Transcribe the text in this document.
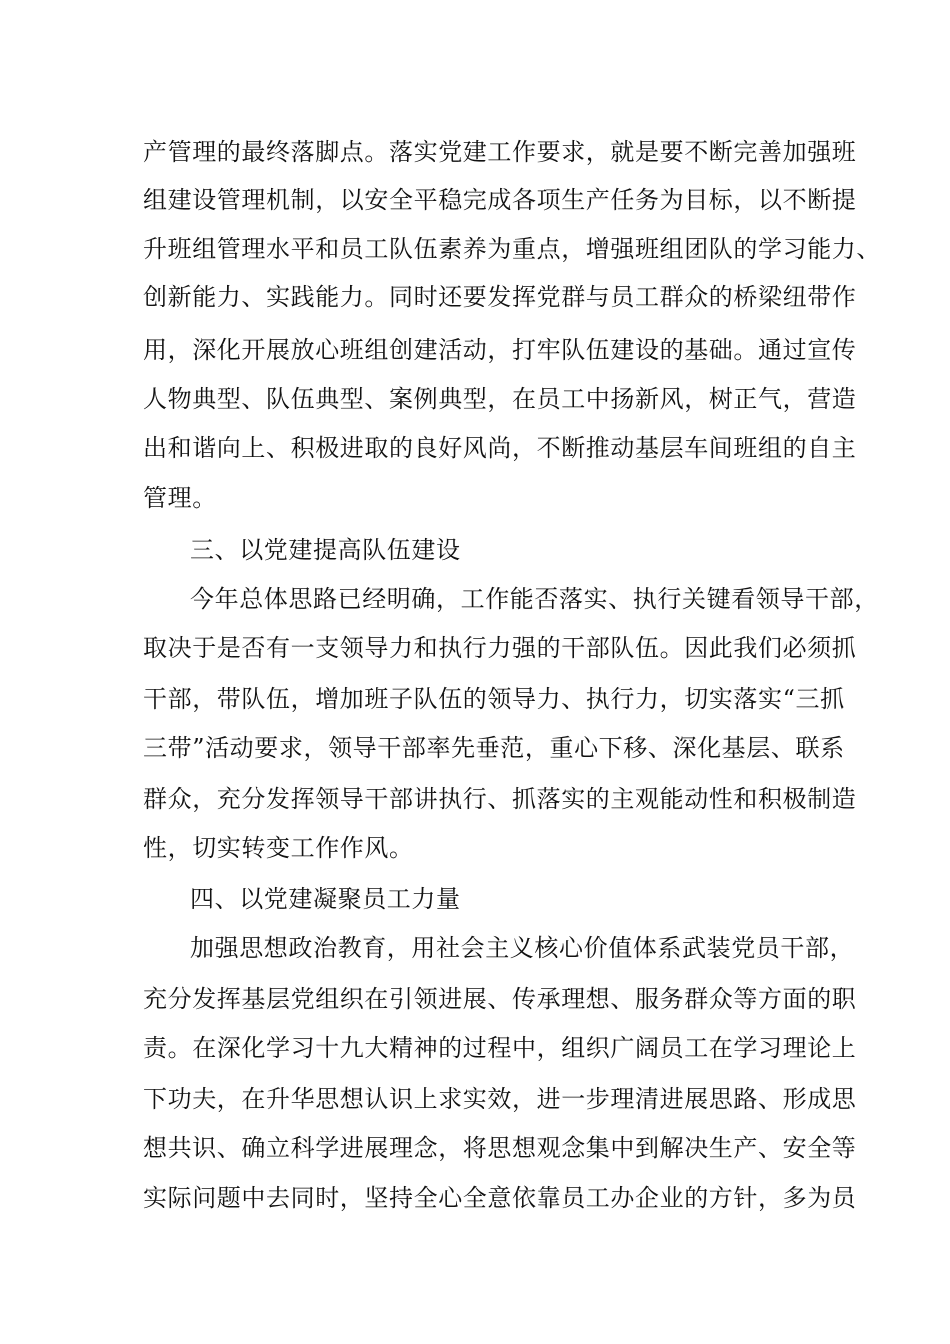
产管理的最终落脚点。落实党建工作要求，就是要不断完善加强班
组建设管理机制，以安全平稳完成各项生产任务为目标，以不断提
升班组管理水平和员工队伍素养为重点，增强班组团队的学习能力、
创新能力、实践能力。同时还要发挥党群与员工群众的桥梁纽带作
用，深化开展放心班组创建活动，打牢队伍建设的基础。通过宣传
人物典型、队伍典型、案例典型，在员工中扬新风，树正气，营造
出和谐向上、积极进取的良好风尚，不断推动基层车间班组的自主
管理。
三、以党建提高队伍建设
今年总体思路已经明确，工作能否落实、执行关键看领导干部，
取决于是否有一支领导力和执行力强的干部队伍。因此我们必须抓
干部，带队伍，增加班子队伍的领导力、执行力，切实落实“三抓
三带”活动要求，领导干部率先垂范，重心下移、深化基层、联系
群众，充分发挥领导干部讲执行、抓落实的主观能动性和积极制造
性，切实转变工作作风。
四、以党建凝聚员工力量
加强思想政治教育，用社会主义核心价值体系武装党员干部，
充分发挥基层党组织在引领进展、传承理想、服务群众等方面的职
责。在深化学习十九大精神的过程中，组织广阔员工在学习理论上
下功夫，在升华思想认识上求实效，进一步理清进展思路、形成思
想共识、确立科学进展理念，将思想观念集中到解决生产、安全等
实际问题中去同时，坚持全心全意依靠员工办企业的方针，多为员
